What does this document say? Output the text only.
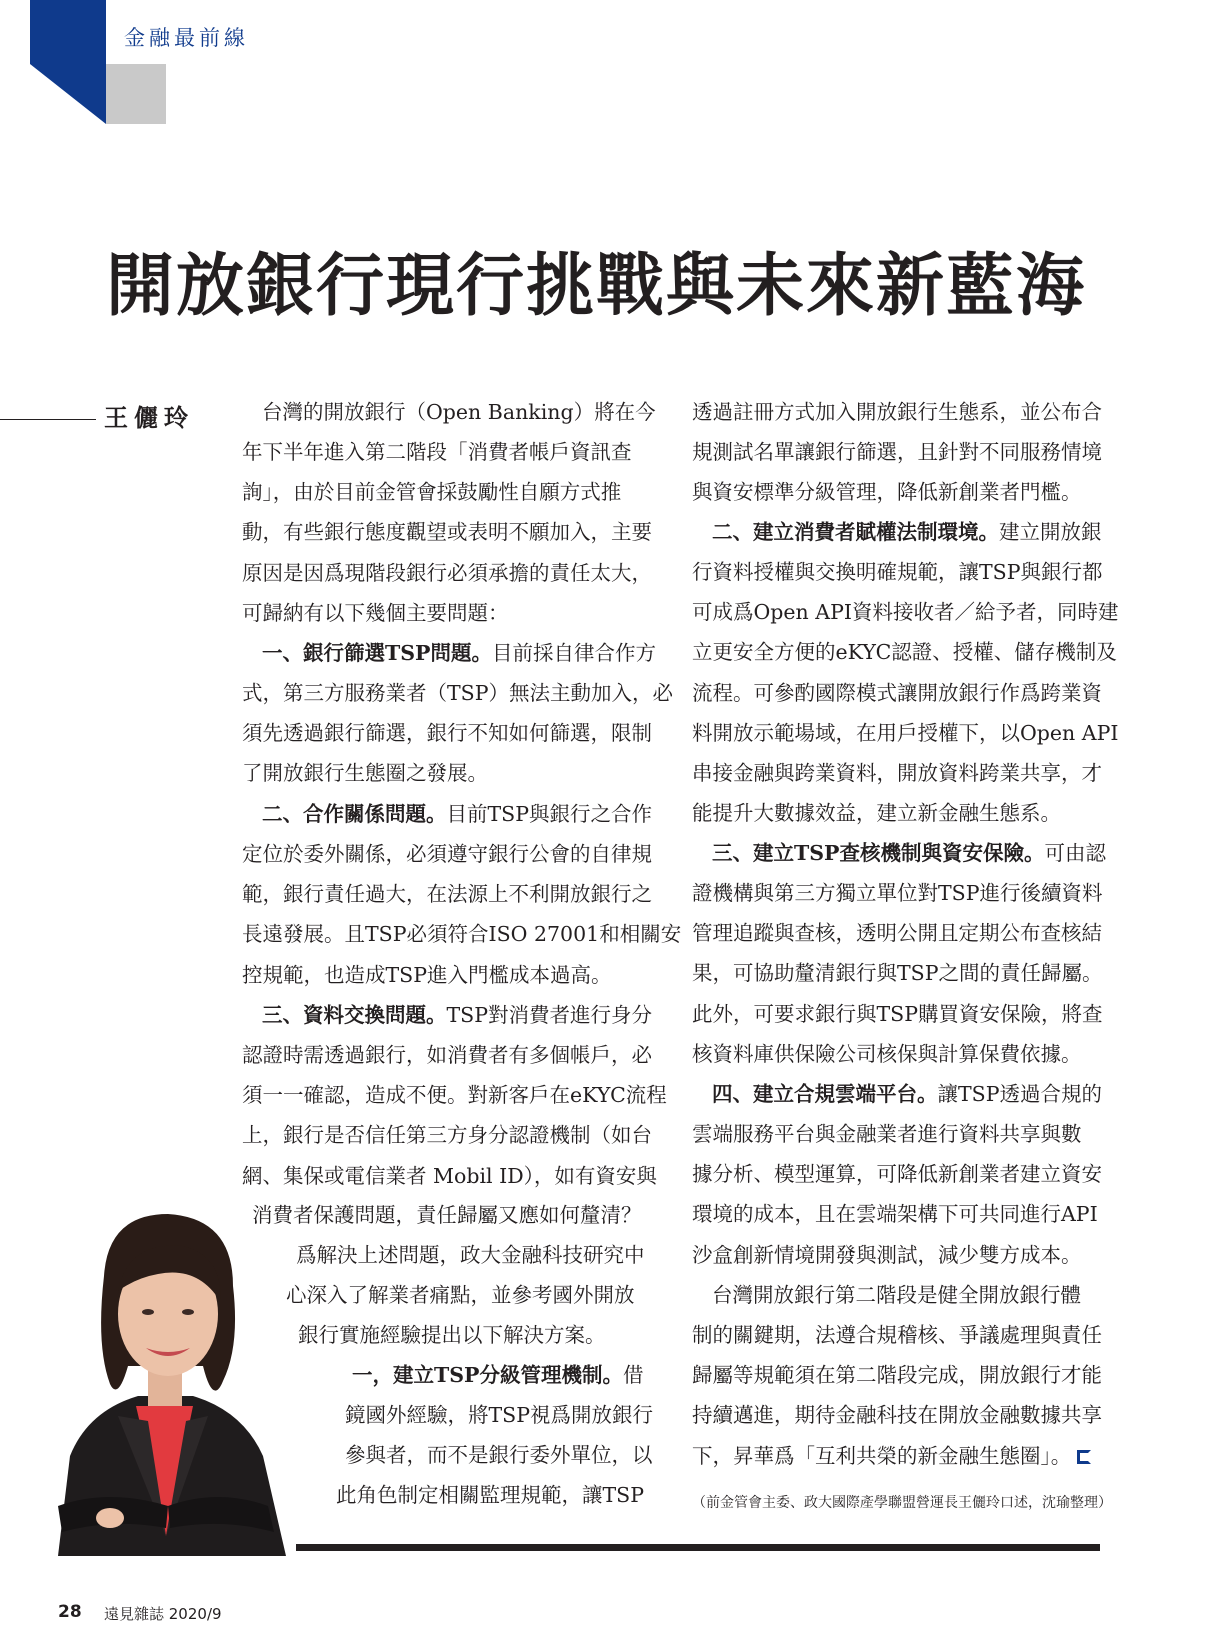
金融最前線
開放銀行現行挑戰與未來新藍海
王儷玲	台灣的開放銀行（Open Banking）將在今
年下半年進入第二階段「消費者帳戶資訊查
詢」，由於目前金管會採鼓勵性自願方式推
動，有些銀行態度觀望或表明不願加入，主要
原因是因爲現階段銀行必須承擔的責任太大，
可歸納有以下幾個主要問題：
一、銀行篩選TSP問題。目前採自律合作方
式，第三方服務業者（TSP）無法主動加入，必
須先透過銀行篩選，銀行不知如何篩選，限制
了開放銀行生態圈之發展。
二、合作關係問題。目前TSP與銀行之合作
定位於委外關係，必須遵守銀行公會的自律規
範，銀行責任過大，在法源上不利開放銀行之
長遠發展。且TSP必須符合ISO 27001和相關安
控規範，也造成TSP進入門檻成本過高。
三、資料交換問題。TSP對消費者進行身分
認證時需透過銀行，如消費者有多個帳戶，必
須一一確認，造成不便。對新客戶在eKYC流程
上，銀行是否信任第三方身分認證機制（如台
網、集保或電信業者 Mobil ID），如有資安與
消費者保護問題，責任歸屬又應如何釐清？
爲解決上述問題，政大金融科技研究中
心深入了解業者痛點，並參考國外開放
銀行實施經驗提出以下解決方案。
一，建立TSP分級管理機制。借
鏡國外經驗，將TSP視爲開放銀行
參與者，而不是銀行委外單位，以
此角色制定相關監理規範，讓TSP
透過註冊方式加入開放銀行生態系，並公布合
規測試名單讓銀行篩選，且針對不同服務情境
與資安標準分級管理，降低新創業者門檻。
二、建立消費者賦權法制環境。建立開放銀
行資料授權與交換明確規範，讓TSP與銀行都
可成爲Open API資料接收者／給予者，同時建
立更安全方便的eKYC認證、授權、儲存機制及
流程。可參酌國際模式讓開放銀行作爲跨業資
料開放示範場域，在用戶授權下，以Open API
串接金融與跨業資料，開放資料跨業共享，才
能提升大數據效益，建立新金融生態系。
三、建立TSP查核機制與資安保險。可由認
證機構與第三方獨立單位對TSP進行後續資料
管理追蹤與查核，透明公開且定期公布查核結
果，可協助釐清銀行與TSP之間的責任歸屬。
此外，可要求銀行與TSP購買資安保險，將查
核資料庫供保險公司核保與計算保費依據。
四、建立合規雲端平台。讓TSP透過合規的
雲端服務平台與金融業者進行資料共享與數
據分析、模型運算，可降低新創業者建立資安
環境的成本，且在雲端架構下可共同進行API
沙盒創新情境開發與測試，減少雙方成本。
台灣開放銀行第二階段是健全開放銀行體
制的關鍵期，法遵合規稽核、爭議處理與責任
歸屬等規範須在第二階段完成，開放銀行才能
持續邁進，期待金融科技在開放金融數據共享
下，昇華爲「互利共榮的新金融生態圈」。
（前金管會主委、政大國際產學聯盟營運長王儷玲口述，沈瑜整理）
28 遠見雜誌 2020/9
